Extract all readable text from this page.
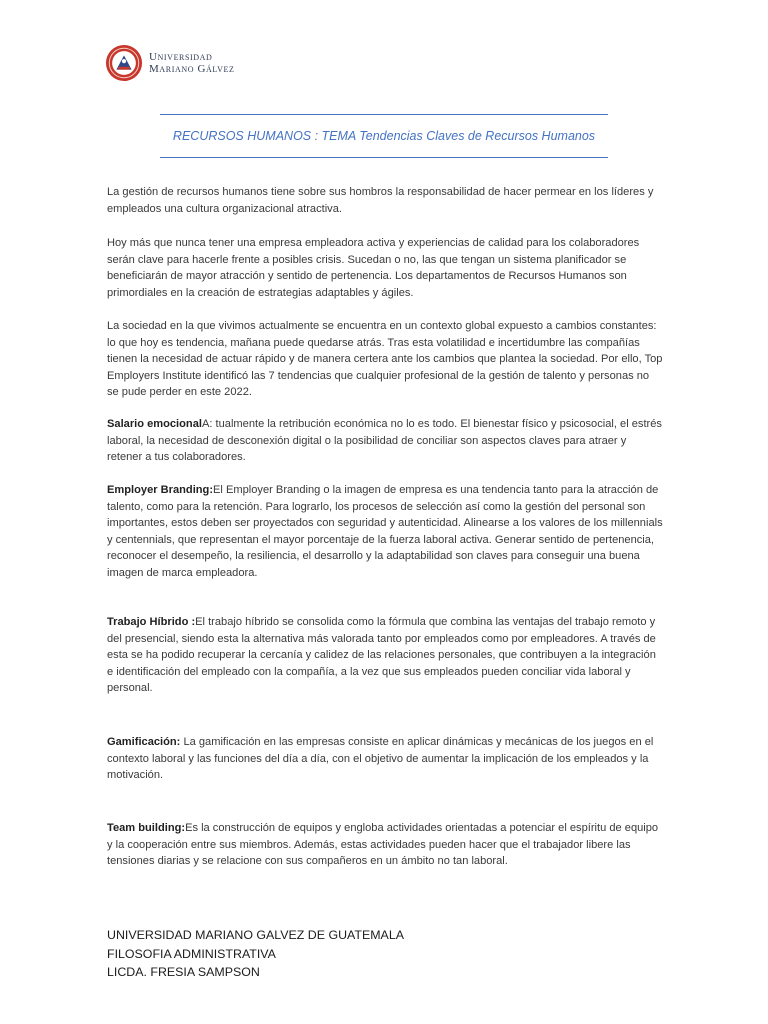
Universidad
Mariano Gálvez
RECURSOS HUMANOS : TEMA Tendencias Claves de Recursos Humanos

La gestión de recursos humanos tiene sobre sus hombros la responsabilidad de hacer permear en los líderes y empleados una cultura organizacional atractiva.

Hoy más que nunca tener una empresa empleadora activa y experiencias de calidad para los colaboradores serán clave para hacerle frente a posibles crisis. Sucedan o no, las que tengan un sistema planificador se beneficiarán de mayor atracción y sentido de pertenencia. Los departamentos de Recursos Humanos son primordiales en la creación de estrategias adaptables y ágiles.

La sociedad en la que vivimos actualmente se encuentra en un contexto global expuesto a cambios constantes: lo que hoy es tendencia, mañana puede quedarse atrás. Tras esta volatilidad e incertidumbre las compañías tienen la necesidad de actuar rápido y de manera certera ante los cambios que plantea la sociedad. Por ello, Top Employers Institute identificó las 7 tendencias que cualquier profesional de la gestión de talento y personas no se pude perder en este 2022.

Salario emocionalA: tualmente la retribución económica no lo es todo. El bienestar físico y psicosocial, el estrés laboral, la necesidad de desconexión digital o la posibilidad de conciliar son aspectos claves para atraer y retener a tus colaboradores.

Employer Branding:El Employer Branding o la imagen de empresa es una tendencia tanto para la atracción de talento, como para la retención. Para lograrlo, los procesos de selección así como la gestión del personal son importantes, estos deben ser proyectados con seguridad y autenticidad. Alinearse a los valores de los millennials y centennials, que representan el mayor porcentaje de la fuerza laboral activa. Generar sentido de pertenencia, reconocer el desempeño, la resiliencia, el desarrollo y la adaptabilidad son claves para conseguir una buena imagen de marca empleadora.

Trabajo Híbrido :El trabajo híbrido se consolida como la fórmula que combina las ventajas del trabajo remoto y del presencial, siendo esta la alternativa más valorada tanto por empleados como por empleadores. A través de esta se ha podido recuperar la cercanía y calidez de las relaciones personales, que contribuyen a la integración e identificación del empleado con la compañía, a la vez que sus empleados pueden conciliar vida laboral y personal.

Gamificación: La gamificación en las empresas consiste en aplicar dinámicas y mecánicas de los juegos en el contexto laboral y las funciones del día a día, con el objetivo de aumentar la implicación de los empleados y la motivación.

Team building:Es la construcción de equipos y engloba actividades orientadas a potenciar el espíritu de equipo y la cooperación entre sus miembros. Además, estas actividades pueden hacer que el trabajador libere las tensiones diarias y se relacione con sus compañeros en un ámbito no tan laboral.

UNIVERSIDAD MARIANO GALVEZ DE GUATEMALA
FILOSOFIA ADMINISTRATIVA
LICDA. FRESIA SAMPSON
